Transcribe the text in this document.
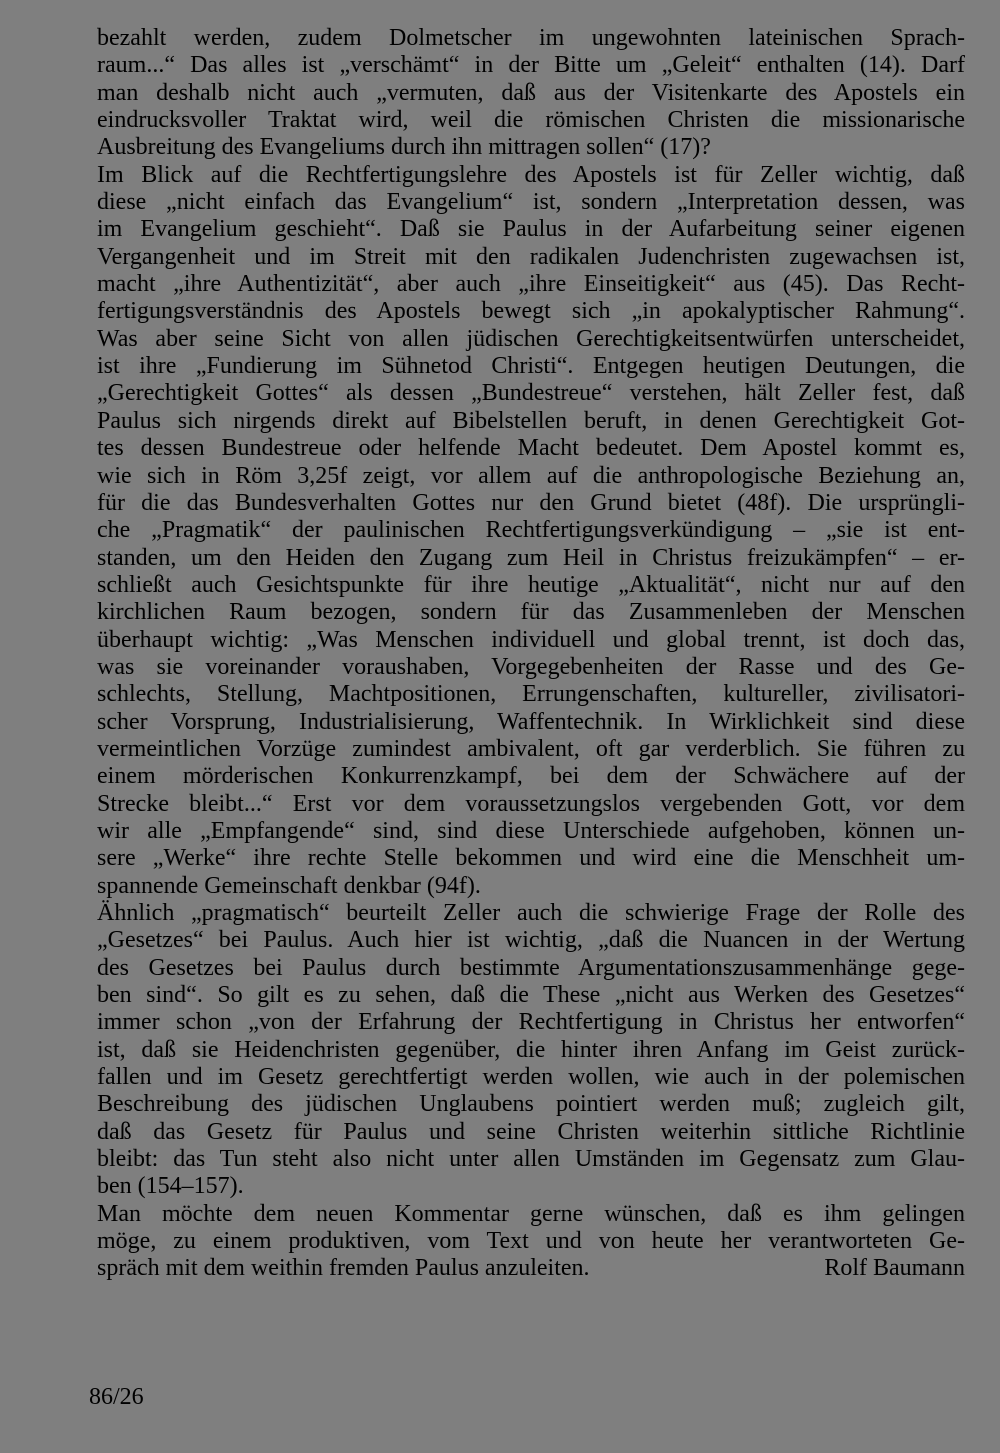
bezahlt werden, zudem Dolmetscher im ungewohnten lateinischen Sprach-
raum...“ Das alles ist „verschämt“ in der Bitte um „Geleit“ enthalten (14). Darf
man deshalb nicht auch „vermuten, daß aus der Visitenkarte des Apostels ein
eindrucksvoller Traktat wird, weil die römischen Christen die missionarische
Ausbreitung des Evangeliums durch ihn mittragen sollen“ (17)?
Im Blick auf die Rechtfertigungslehre des Apostels ist für Zeller wichtig, daß
diese „nicht einfach das Evangelium“ ist, sondern „Interpretation dessen, was
im Evangelium geschieht“. Daß sie Paulus in der Aufarbeitung seiner eigenen
Vergangenheit und im Streit mit den radikalen Judenchristen zugewachsen ist,
macht „ihre Authentizität“, aber auch „ihre Einseitigkeit“ aus (45). Das Recht-
fertigungsverständnis des Apostels bewegt sich „in apokalyptischer Rahmung“.
Was aber seine Sicht von allen jüdischen Gerechtigkeitsentwürfen unterscheidet,
ist ihre „Fundierung im Sühnetod Christi“. Entgegen heutigen Deutungen, die
„Gerechtigkeit Gottes“ als dessen „Bundestreue“ verstehen, hält Zeller fest, daß
Paulus sich nirgends direkt auf Bibelstellen beruft, in denen Gerechtigkeit Got-
tes dessen Bundestreue oder helfende Macht bedeutet. Dem Apostel kommt es,
wie sich in Röm 3,25f zeigt, vor allem auf die anthropologische Beziehung an,
für die das Bundesverhalten Gottes nur den Grund bietet (48f). Die ursprüngli-
che „Pragmatik“ der paulinischen Rechtfertigungsverkündigung – „sie ist ent-
standen, um den Heiden den Zugang zum Heil in Christus freizukämpfen“ – er-
schließt auch Gesichtspunkte für ihre heutige „Aktualität“, nicht nur auf den
kirchlichen Raum bezogen, sondern für das Zusammenleben der Menschen
überhaupt wichtig: „Was Menschen individuell und global trennt, ist doch das,
was sie voreinander voraushaben, Vorgegebenheiten der Rasse und des Ge-
schlechts, Stellung, Machtpositionen, Errungenschaften, kultureller, zivilisatori-
scher Vorsprung, Industrialisierung, Waffentechnik. In Wirklichkeit sind diese
vermeintlichen Vorzüge zumindest ambivalent, oft gar verderblich. Sie führen zu
einem mörderischen Konkurrenzkampf, bei dem der Schwächere auf der
Strecke bleibt...“ Erst vor dem voraussetzungslos vergebenden Gott, vor dem
wir alle „Empfangende“ sind, sind diese Unterschiede aufgehoben, können un-
sere „Werke“ ihre rechte Stelle bekommen und wird eine die Menschheit um-
spannende Gemeinschaft denkbar (94f).
Ähnlich „pragmatisch“ beurteilt Zeller auch die schwierige Frage der Rolle des
„Gesetzes“ bei Paulus. Auch hier ist wichtig, „daß die Nuancen in der Wertung
des Gesetzes bei Paulus durch bestimmte Argumentationszusammenhänge gege-
ben sind“. So gilt es zu sehen, daß die These „nicht aus Werken des Gesetzes“
immer schon „von der Erfahrung der Rechtfertigung in Christus her entworfen“
ist, daß sie Heidenchristen gegenüber, die hinter ihren Anfang im Geist zurück-
fallen und im Gesetz gerechtfertigt werden wollen, wie auch in der polemischen
Beschreibung des jüdischen Unglaubens pointiert werden muß; zugleich gilt,
daß das Gesetz für Paulus und seine Christen weiterhin sittliche Richtlinie
bleibt: das Tun steht also nicht unter allen Umständen im Gegensatz zum Glau-
ben (154–157).
Man möchte dem neuen Kommentar gerne wünschen, daß es ihm gelingen
möge, zu einem produktiven, vom Text und von heute her verantworteten Ge-
spräch mit dem weithin fremden Paulus anzuleiten.	Rolf Baumann
86/26
